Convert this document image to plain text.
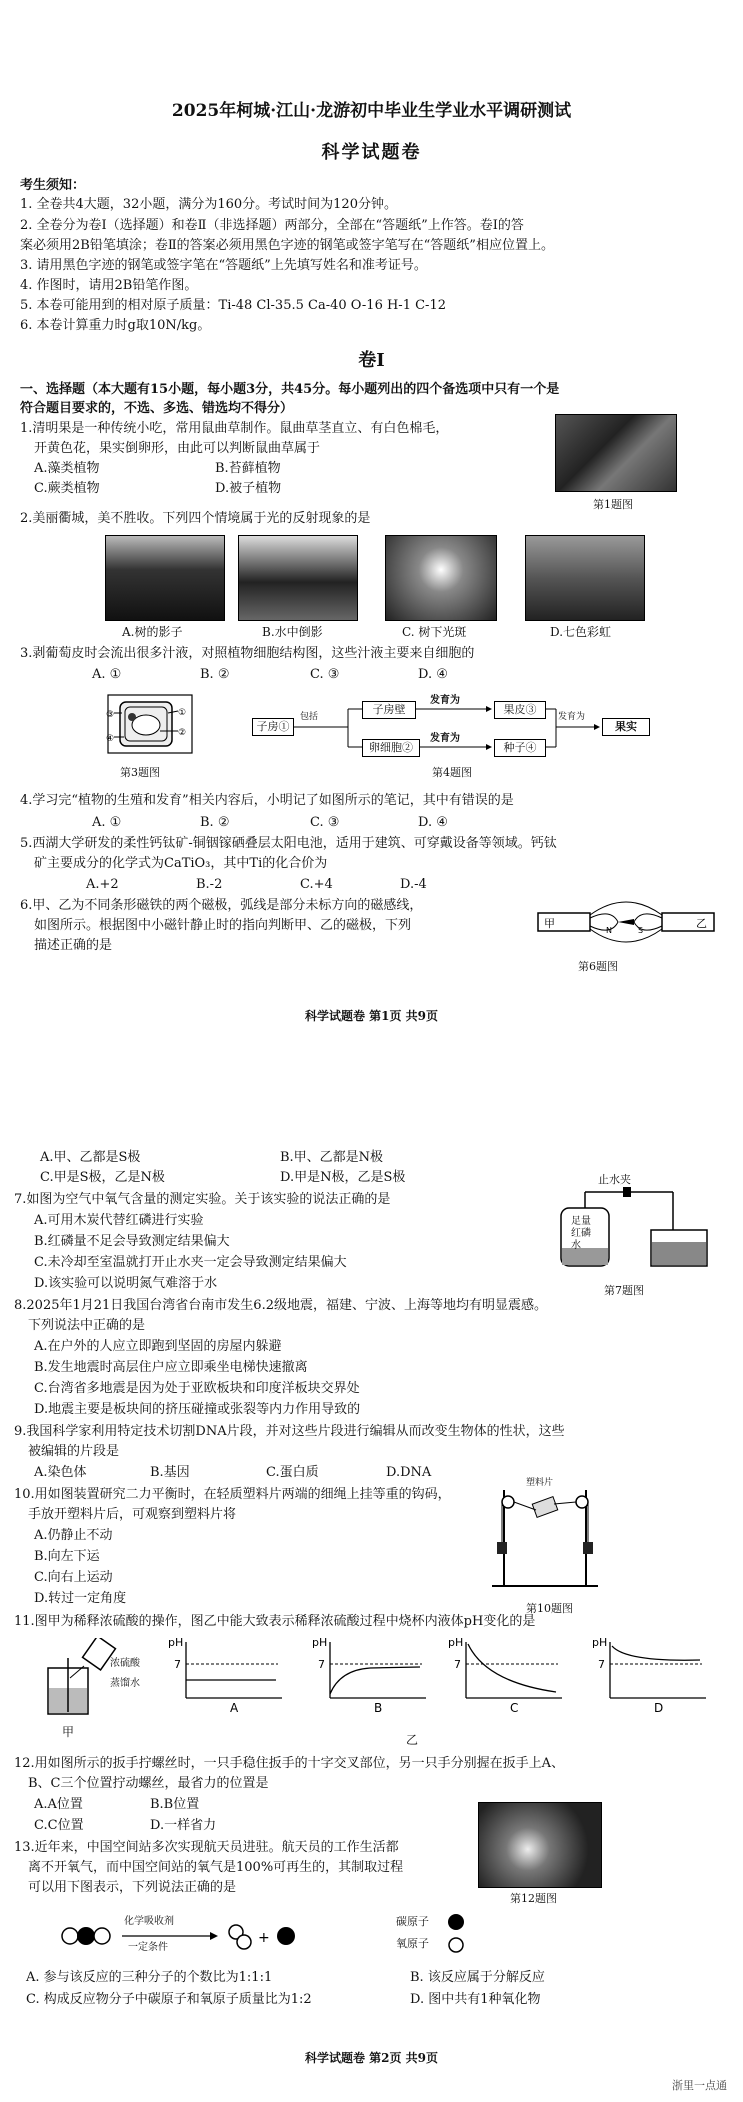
2025年柯城·江山·龙游初中毕业生学业水平调研测试
科学试题卷
考生须知：
1. 全卷共4大题，32小题，满分为160分。考试时间为120分钟。
2. 全卷分为卷Ⅰ（选择题）和卷Ⅱ（非选择题）两部分，全部在“答题纸”上作答。卷Ⅰ的答
案必须用2B铅笔填涂；卷Ⅱ的答案必须用黑色字迹的钢笔或签字笔写在“答题纸”相应位置上。
3. 请用黑色字迹的钢笔或签字笔在“答题纸”上先填写姓名和准考证号。
4. 作图时，请用2B铅笔作图。
5. 本卷可能用到的相对原子质量：Ti-48 Cl-35.5 Ca-40 O-16 H-1 C-12
6. 本卷计算重力时g取10N/kg。
卷Ⅰ
一、选择题（本大题有15小题，每小题3分，共45分。每小题列出的四个备选项中只有一个是
符合题目要求的，不选、多选、错选均不得分）
1.清明果是一种传统小吃，常用鼠曲草制作。鼠曲草茎直立、有白色棉毛，
开黄色花，果实倒卵形，由此可以判断鼠曲草属于
A.藻类植物	B.苔藓植物
C.蕨类植物	D.被子植物
第1题图
2.美丽衢城，美不胜收。下列四个情境属于光的反射现象的是
A.树的影子	B.水中倒影	C. 树下光斑	D.七色彩虹
3.剥葡萄皮时会流出很多汁液，对照植物细胞结构图，这些汁液主要来自细胞的
A. ①	B. ②	C. ③	D. ④
①
②
③
④
第3题图
子房①
包括
子房壁
卵细胞②
发育为
发育为
果皮③
种子④
发育为
果实
第4题图
4.学习完“植物的生殖和发育”相关内容后，小明记了如图所示的笔记，其中有错误的是
A. ①	B. ②	C. ③	D. ④
5.西湖大学研发的柔性钙钛矿-铜铟镓硒叠层太阳电池，适用于建筑、可穿戴设备等领域。钙钛
矿主要成分的化学式为CaTiO₃，其中Ti的化合价为
A.+2	B.-2	C.+4	D.-4
6.甲、乙为不同条形磁铁的两个磁极，弧线是部分未标方向的磁感线，
如图所示。根据图中小磁针静止时的指向判断甲、乙的磁极，下列
描述正确的是
甲	乙
N	S
第6题图
科学试题卷 第1页 共9页
A.甲、乙都是S极	B.甲、乙都是N极
C.甲是S极，乙是N极	D.甲是N极，乙是S极
7.如图为空气中氧气含量的测定实验。关于该实验的说法正确的是
A.可用木炭代替红磷进行实验
B.红磷量不足会导致测定结果偏大
C.未冷却至室温就打开止水夹一定会导致测定结果偏大
D.该实验可以说明氮气难溶于水
止水夹
足量
红磷
水
第7题图
8.2025年1月21日我国台湾省台南市发生6.2级地震，福建、宁波、上海等地均有明显震感。
下列说法中正确的是
A.在户外的人应立即跑到坚固的房屋内躲避
B.发生地震时高层住户应立即乘坐电梯快速撤离
C.台湾省多地震是因为处于亚欧板块和印度洋板块交界处
D.地震主要是板块间的挤压碰撞或张裂等内力作用导致的
9.我国科学家利用特定技术切割DNA片段，并对这些片段进行编辑从而改变生物体的性状，这些
被编辑的片段是
A.染色体	B.基因	C.蛋白质	D.DNA
10.用如图装置研究二力平衡时，在轻质塑料片两端的细绳上挂等重的钩码，
手放开塑料片后，可观察到塑料片将
A.仍静止不动
B.向左下运
C.向右上运动
D.转过一定角度
塑料片
第10题图
11.图甲为稀释浓硫酸的操作，图乙中能大致表示稀释浓硫酸过程中烧杯内液体pH变化的是
浓硫酸
蒸馏水
甲
乙
pH
7
A
pH
7
B
pH
7
C
pH
7
D
12.用如图所示的扳手拧螺丝时，一只手稳住扳手的十字交叉部位，另一只手分别握在扳手上A、
B、C三个位置拧动螺丝，最省力的位置是
A.A位置	B.B位置
C.C位置	D.一样省力
第12题图
13.近年来，中国空间站多次实现航天员进驻。航天员的工作生活都
离不开氧气，而中国空间站的氧气是100%可再生的，其制取过程
可以用下图表示，下列说法正确的是
+
化学吸收剂
一定条件
碳原子
氧原子
A. 参与该反应的三种分子的个数比为1:1:1	B. 该反应属于分解反应
C. 构成反应物分子中碳原子和氧原子质量比为1:2	D. 图中共有1种氧化物
科学试题卷 第2页 共9页
浙里一点通
